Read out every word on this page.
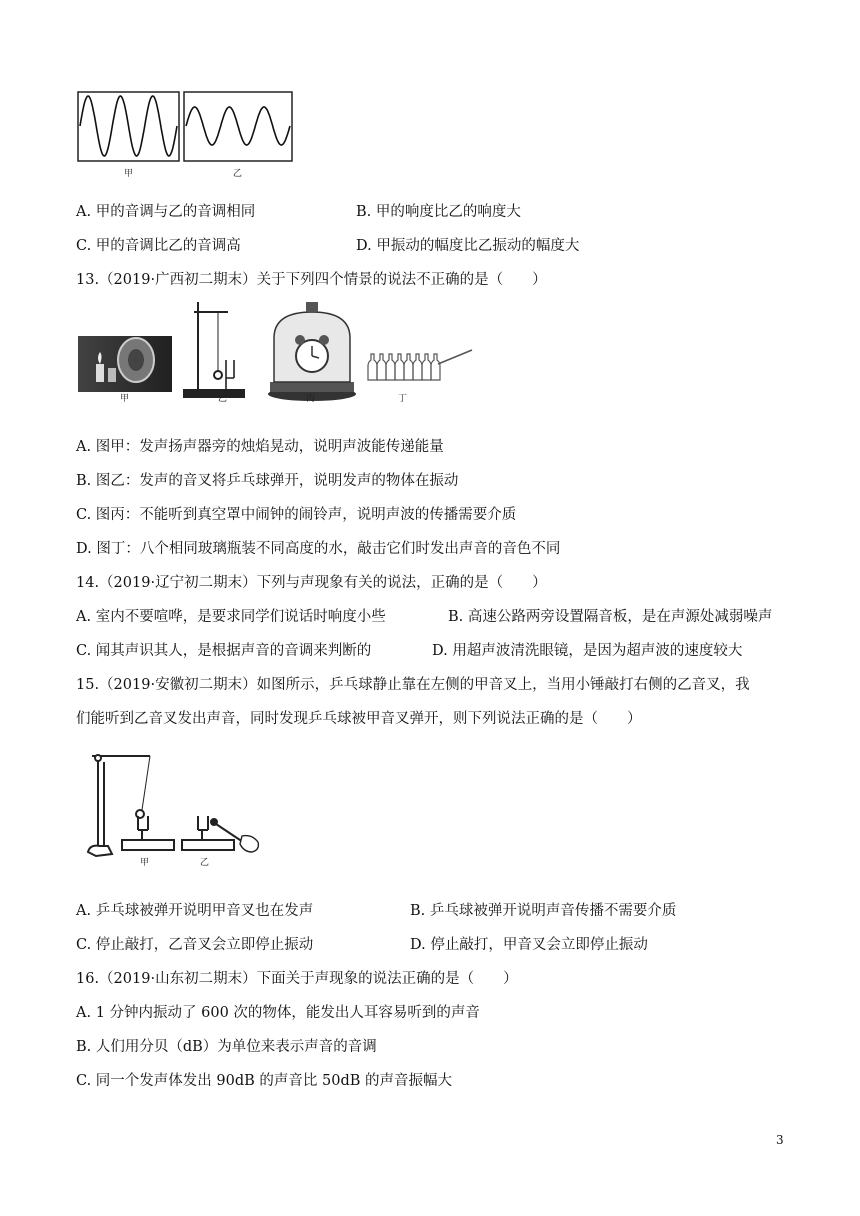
甲	乙
A. 甲的音调与乙的音调相同	B. 甲的响度比乙的响度大
C. 甲的音调比乙的音调高	D. 甲振动的幅度比乙振动的幅度大
13.（2019·广西初二期末）关于下列四个情景的说法不正确的是（　　）
甲	乙	丙	丁
A. 图甲：发声扬声器旁的烛焰晃动，说明声波能传递能量
B. 图乙：发声的音叉将乒乓球弹开，说明发声的物体在振动
C. 图丙：不能听到真空罩中闹钟的闹铃声，说明声波的传播需要介质
D. 图丁：八个相同玻璃瓶装不同高度的水，敲击它们时发出声音的音色不同
14.（2019·辽宁初二期末）下列与声现象有关的说法，正确的是（　　）
A. 室内不要喧哗，是要求同学们说话时响度小些	B. 高速公路两旁设置隔音板，是在声源处减弱噪声
C. 闻其声识其人，是根据声音的音调来判断的	D. 用超声波清洗眼镜，是因为超声波的速度较大
15.（2019·安徽初二期末）如图所示，乒乓球静止靠在左侧的甲音叉上，当用小锤敲打右侧的乙音叉，我
们能听到乙音叉发出声音，同时发现乒乓球被甲音叉弹开，则下列说法正确的是（　　）
甲	乙
A. 乒乓球被弹开说明甲音叉也在发声	B. 乒乓球被弹开说明声音传播不需要介质
C. 停止敲打，乙音叉会立即停止振动	D. 停止敲打，甲音叉会立即停止振动
16.（2019·山东初二期末）下面关于声现象的说法正确的是（　　）
A. 1 分钟内振动了 600 次的物体，能发出人耳容易听到的声音
B. 人们用分贝（dB）为单位来表示声音的音调
C. 同一个发声体发出 90dB 的声音比 50dB 的声音振幅大
3
